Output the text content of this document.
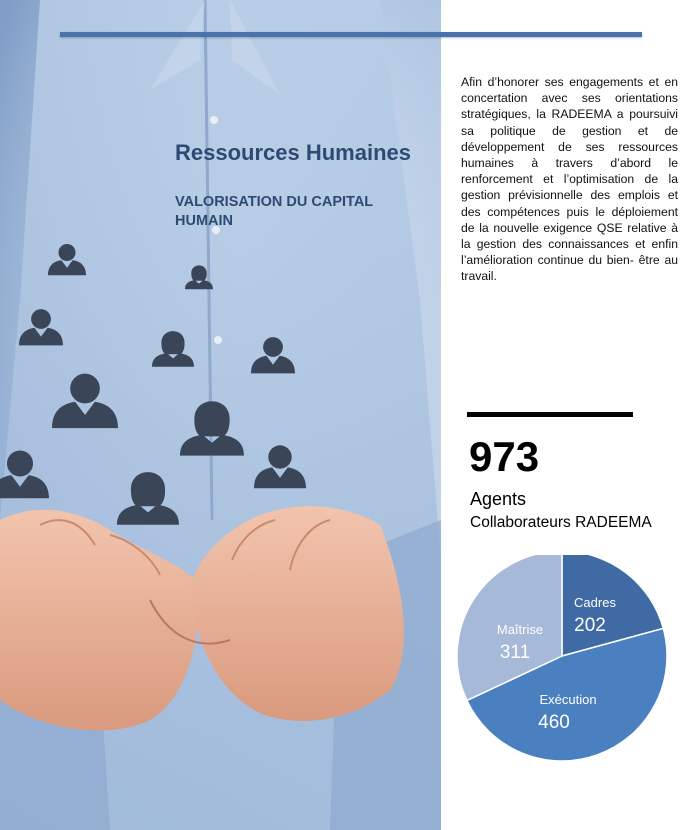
Ressources Humaines
VALORISATION DU CAPITAL HUMAIN
Afin d’honorer ses engagements et en concertation avec ses orientations stratégiques, la RADEEMA a poursuivi sa politique de gestion et de développement de ses ressources humaines à travers d’abord le renforcement et l’optimisation de la gestion prévisionnelle des emplois et des compétences puis le déploiement de la nouvelle exigence QSE relative à la gestion des connaissances et enfin l’amélioration continue du bien- être au travail.
973
Agents
Collaborateurs RADEEMA
Cadres
202
Exécution
460
Maîtrise
311
